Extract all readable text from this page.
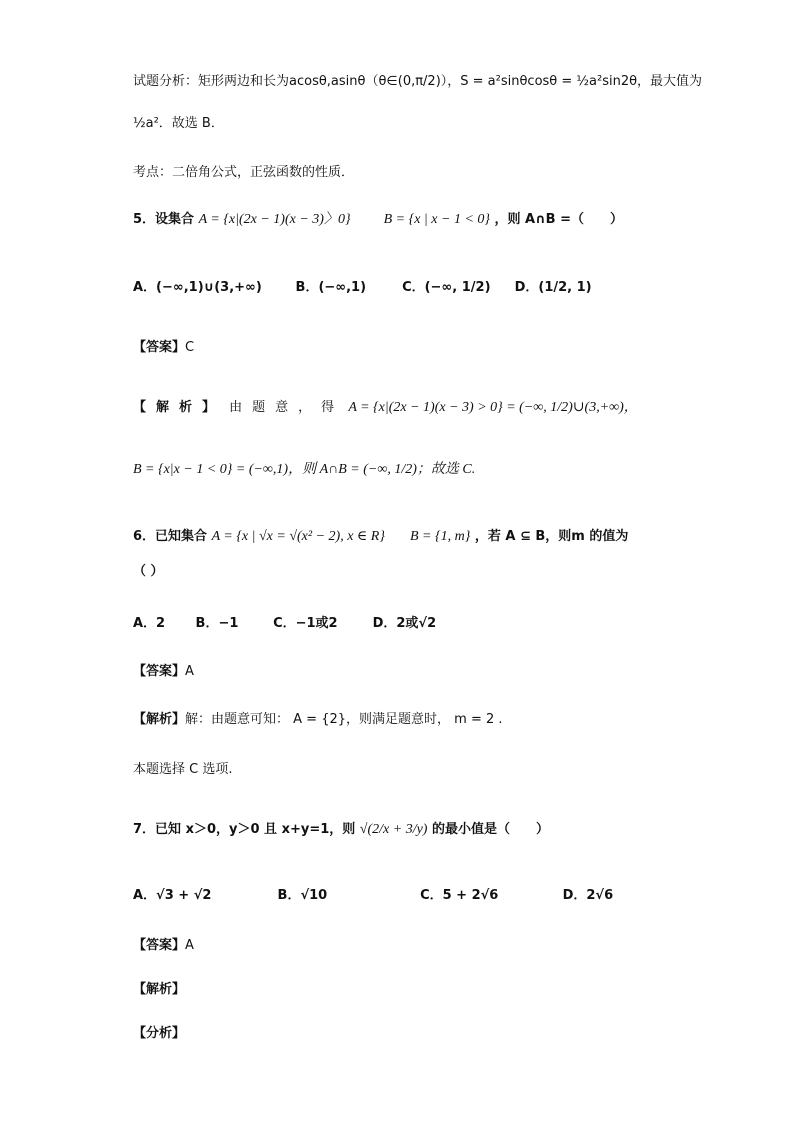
试题分析：矩形两边和长为acosθ,asinθ（θ∈(0,π/2)），S = a²sinθcosθ = ½a²sin2θ，最大值为
½a²．故选 B．
考点：二倍角公式，正弦函数的性质．
5．设集合 A = {x|(2x − 1)(x − 3)〉0} B = {x | x − 1 < 0} ，则 A∩B =（　　）
A．(−∞,1)∪(3,+∞)	B．(−∞,1)	C．(−∞, 1/2) D．(1/2, 1)
【答案】C
【解析】 由题意，得 A = {x|(2x − 1)(x − 3) > 0} = (−∞, 1/2)∪(3,+∞)，
B = {x|x − 1 < 0} = (−∞,1)，则 A∩B = (−∞, 1/2)；故选 C.
6．已知集合 A = {x | √x = √(x² − 2), x ∈ R} B = {1, m} ，若 A ⊆ B，则m 的值为
（ ）
A．2 B．−1	C．−1或2	D．2或√2
【答案】A
【解析】解：由题意可知： A = {2}，则满足题意时， m = 2 .
本题选择 C 选项.
7．已知 x＞0，y＞0 且 x+y=1，则 √(2/x + 3/y) 的最小值是（　　）
A．√3 + √2	B．√10	C．5 + 2√6	D．2√6
【答案】A
【解析】
【分析】
